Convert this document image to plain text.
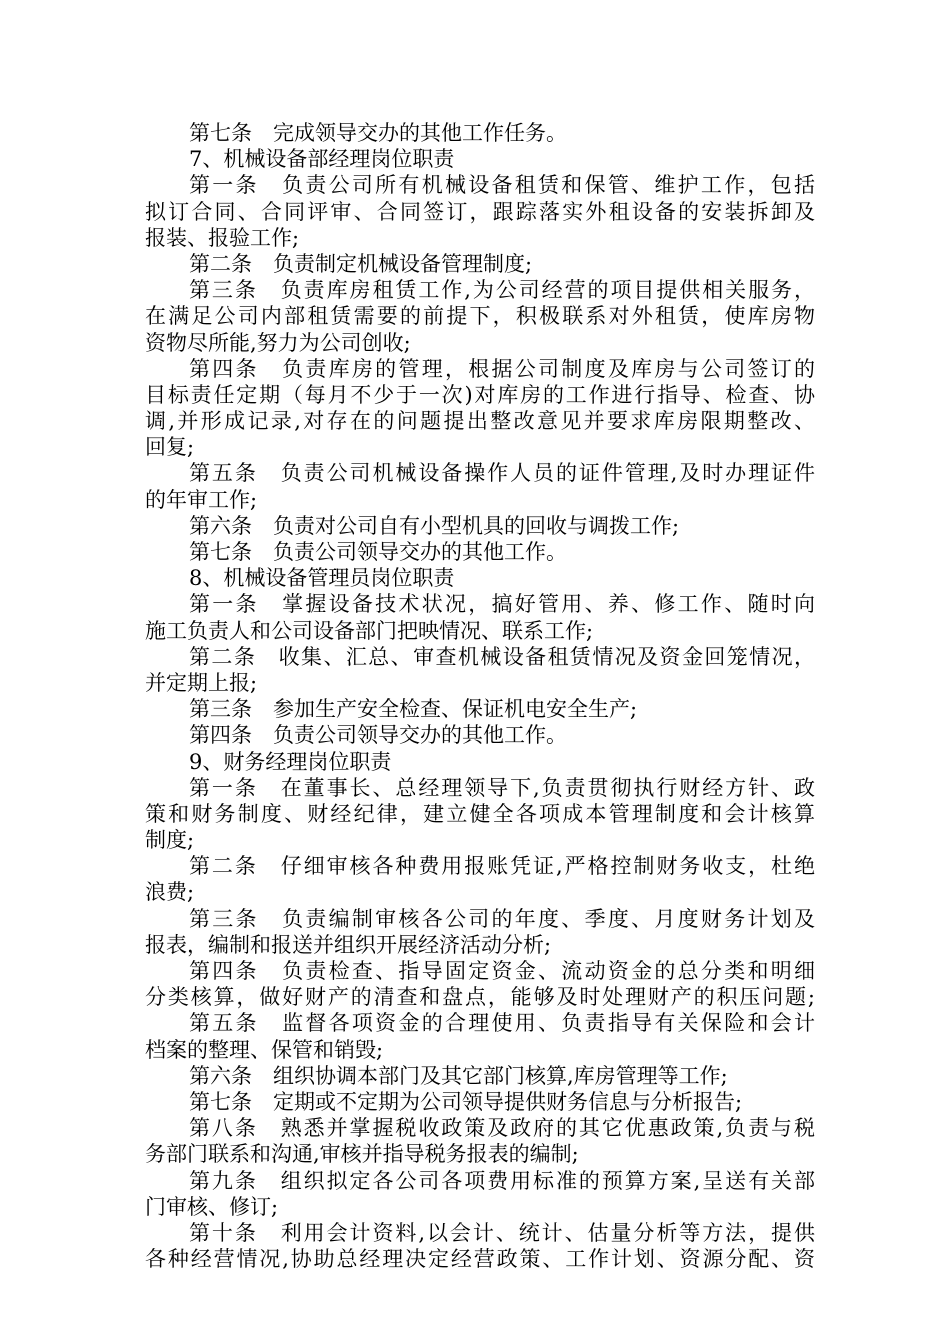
第七条　完成领导交办的其他工作任务。
7、机械设备部经理岗位职责
第一条　负责公司所有机械设备租赁和保管、维护工作，包括
拟订合同、合同评审、合同签订，跟踪落实外租设备的安装拆卸及
报装、报验工作;
第二条　负责制定机械设备管理制度;
第三条　负责库房租赁工作,为公司经营的项目提供相关服务，
在满足公司内部租赁需要的前提下，积极联系对外租赁，使库房物
资物尽所能,努力为公司创收;
第四条　负责库房的管理，根据公司制度及库房与公司签订的
目标责任定期（每月不少于一次)对库房的工作进行指导、检查、协
调,并形成记录,对存在的问题提出整改意见并要求库房限期整改、
回复;
第五条　负责公司机械设备操作人员的证件管理,及时办理证件
的年审工作;
第六条　负责对公司自有小型机具的回收与调拨工作;
第七条　负责公司领导交办的其他工作。
8、机械设备管理员岗位职责
第一条　掌握设备技术状况，搞好管用、养、修工作、随时向
施工负责人和公司设备部门把映情况、联系工作;
第二条　收集、汇总、审查机械设备租赁情况及资金回笼情况，
并定期上报;
第三条　参加生产安全检查、保证机电安全生产;
第四条　负责公司领导交办的其他工作。
9、财务经理岗位职责
第一条　在董事长、总经理领导下,负责贯彻执行财经方针、政
策和财务制度、财经纪律，建立健全各项成本管理制度和会计核算
制度;
第二条　仔细审核各种费用报账凭证,严格控制财务收支，杜绝
浪费;
第三条　负责编制审核各公司的年度、季度、月度财务计划及
报表，编制和报送并组织开展经济活动分析;
第四条　负责检查、指导固定资金、流动资金的总分类和明细
分类核算，做好财产的清查和盘点，能够及时处理财产的积压问题;
第五条　监督各项资金的合理使用、负责指导有关保险和会计
档案的整理、保管和销毁;
第六条　组织协调本部门及其它部门核算,库房管理等工作;
第七条　定期或不定期为公司领导提供财务信息与分析报告;
第八条　熟悉并掌握税收政策及政府的其它优惠政策,负责与税
务部门联系和沟通,审核并指导税务报表的编制;
第九条　组织拟定各公司各项费用标准的预算方案,呈送有关部
门审核、修订;
第十条　利用会计资料,以会计、统计、估量分析等方法，提供
各种经营情况,协助总经理决定经营政策、工作计划、资源分配、资
